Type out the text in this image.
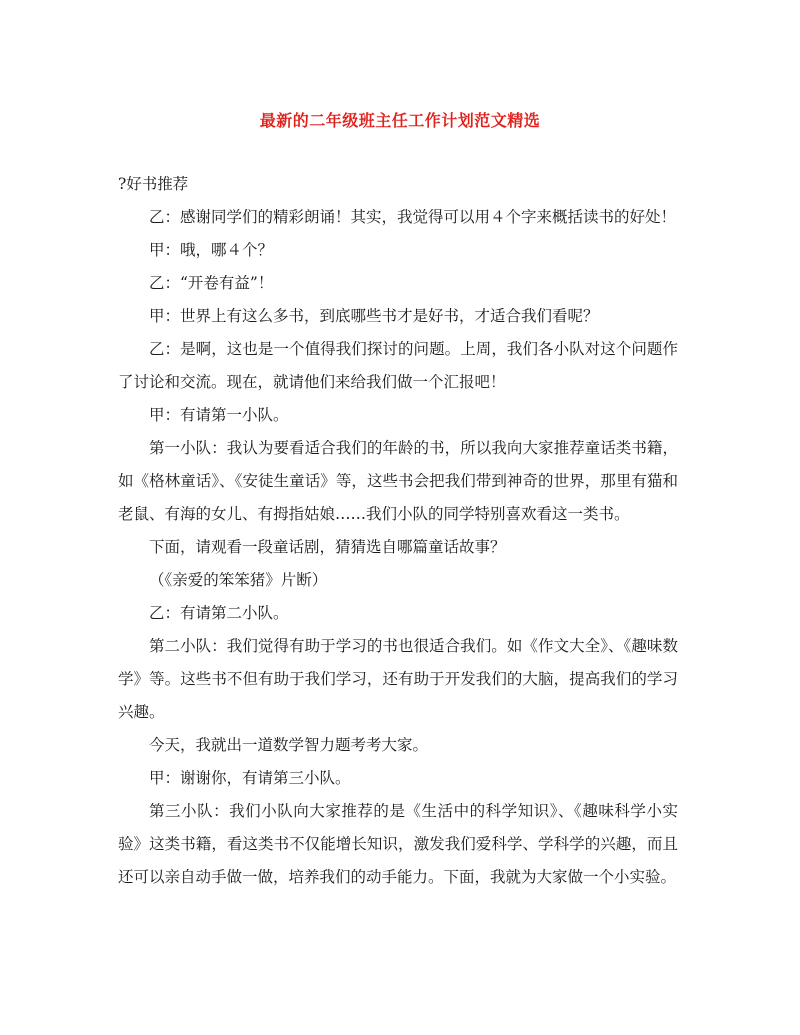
最新的二年级班主任工作计划范文精选

?好书推荐

乙：感谢同学们的精彩朗诵！其实，我觉得可以用４个字来概括读书的好处！

甲：哦，哪４个？

乙：“开卷有益”！

甲：世界上有这么多书，到底哪些书才是好书，才适合我们看呢？

乙：是啊，这也是一个值得我们探讨的问题。上周，我们各小队对这个问题作了讨论和交流。现在，就请他们来给我们做一个汇报吧！

甲：有请第一小队。

第一小队：我认为要看适合我们的年龄的书，所以我向大家推荐童话类书籍，如《格林童话》、《安徒生童话》等，这些书会把我们带到神奇的世界，那里有猫和老鼠、有海的女儿、有拇指姑娘……我们小队的同学特别喜欢看这一类书。

下面，请观看一段童话剧，猜猜选自哪篇童话故事？

（《亲爱的笨笨猪》片断）

乙：有请第二小队。

第二小队：我们觉得有助于学习的书也很适合我们。如《作文大全》、《趣味数学》等。这些书不但有助于我们学习，还有助于开发我们的大脑，提高我们的学习兴趣。

今天，我就出一道数学智力题考考大家。

甲：谢谢你，有请第三小队。

第三小队：我们小队向大家推荐的是《生活中的科学知识》、《趣味科学小实验》这类书籍，看这类书不仅能增长知识，激发我们爱科学、学科学的兴趣，而且还可以亲自动手做一做，培养我们的动手能力。下面，我就为大家做一个小实验。
